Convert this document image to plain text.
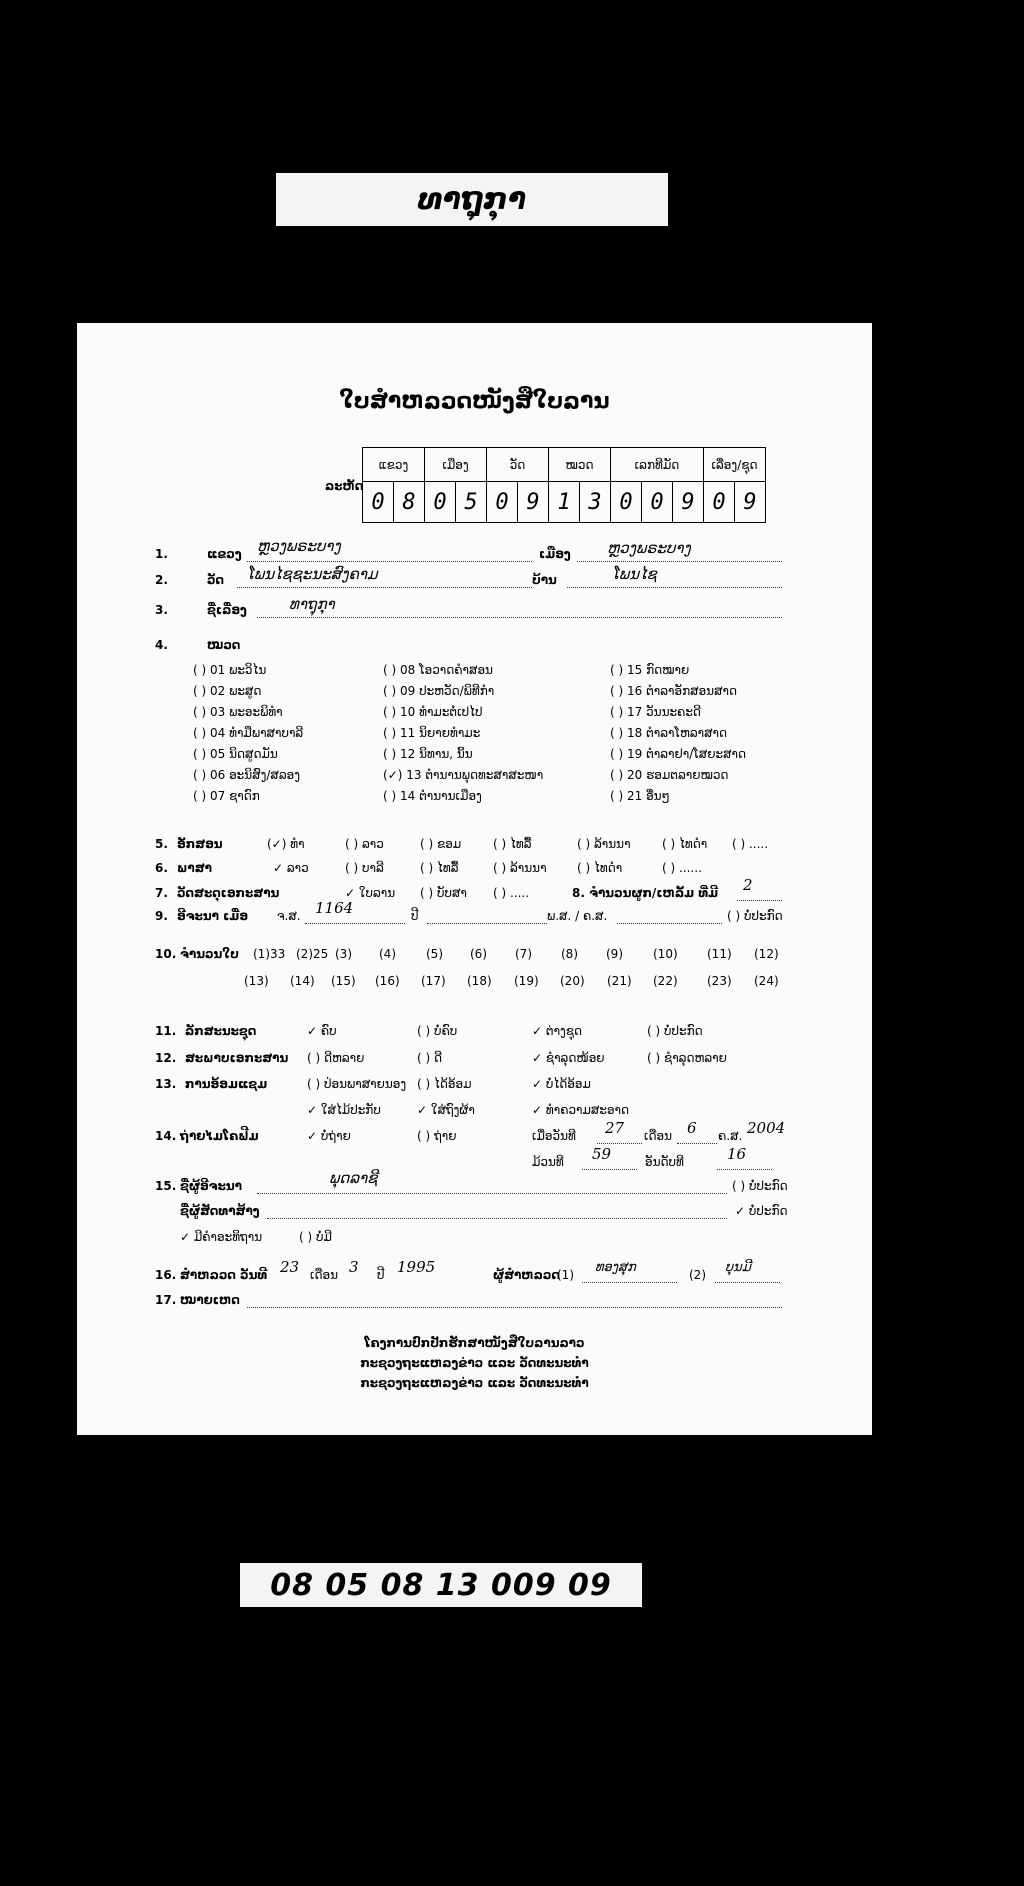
ທາຖຸກຸາ
ໃບສຳຫລວດໜັງສືໃບລານ
ລະຫັດ
ແຂວງ		ເມືອງ		ວັດ		ໝວດ		ເລກທີມັດ			ເລື່ອງ/ຊຸດ	
0	8	0	5	0	9	1	3	0	0	9	0	9
1.	ແຂວງ ຫຼວງພຣະບາງ	ເມືອງ ຫຼວງພຣະບາງ
2.	ວັດ ໂພນໄຊຊະນະສົງຄາມ	ບ້ານ	ໂພນໄຊ
3.	ຊື່ເລື່ອງ	ທາຖຸກຸາ
4.	ໝວດ
( ) 01 ພະວິໄນ
( ) 02 ພະສູດ
( ) 03 ພະອະພິທຳ
( ) 04 ທຳມືພາສາບາລີ
( ) 05 ນິດສູດມັນ
( ) 06 ອະນິສົງ/ສລອງ
( ) 07 ຊາດົກ
( ) 08 ໂອວາດຄຳສອນ
( ) 09 ປະຫວັດ/ພິທີກຳ
( ) 10 ທຳມະຕໍ່ເປໄປ
( ) 11 ນິຍາຍທຳມະ
( ) 12 ນິທານ, ນິ້ນ
(✓) 13 ຕຳນານພຸດທະສາສະໜາ
( ) 14 ຕຳນານເມືອງ
( ) 15 ກົດໝາຍ
( ) 16 ຕຳລາອັກສອນສາດ
( ) 17 ວັນນະຄະດີ
( ) 18 ຕຳລາໂຫລາສາດ
( ) 19 ຕຳລາຢາ/ໂສຍະສາດ
( ) 20 ຮອມຕລາຍໝວດ
( ) 21 ອື່ນໆ
5. ອັກສອນ	(✓) ທຳ	( ) ລາວ	( ) ຂອມ	( ) ໄທລື້	( ) ລ້ານນາ	( ) ໄທດຳ ( ) .....
6. ພາສາ	✓ ລາວ	( ) ບາລີ	( ) ໄທລື້	( ) ລ້ານນາ	( ) ໄທດຳ	( ) ......
7. ວັດສະດຸເອກະສານ	✓ ໃບລານ ( ) ບັບສາ ( ) .....	8. ຈຳນວນຜູກ/ເຫລັ້ມ ທີ່ມີ 2
9. ອີຈະນາ ເມື່ອ ຈ.ສ. 1164	ປີ	ພ.ສ. / ຄ.ສ.	( ) ບໍ່ປະກົດ
10. ຈຳນວນໃບ (1)33 (2)25 (3) (4)	(5) (6) (7) (8) (9)	(10) (11) (12)
(13) (14) (15) (16) (17) (18) (19) (20) (21) (22) (23) (24)
11. ລັກສະນະຊຸດ	✓ ຄົບ	( ) ບໍ່ຄົບ	✓ ຕ່າງຊຸດ	( ) ບໍ່ປະກົດ
12. ສະພາບເອກະສານ ( ) ດີຫລາຍ	( ) ດີ	✓ ຊຳລຸດໜ້ອຍ	( ) ຊຳລຸດຫລາຍ
13. ການອ້ອມແຊມ	( ) ປ່ອນພາສາຍນອງ ( ) ໄດ້ອ້ອມ	✓ ບໍ່ໄດ້ອ້ອມ
✓ ໃສ່ໄມ້ປະກັບ	✓ ໃສ່ຖົງຜ້າ	✓ ທຳຄວາມສະອາດ
14. ຖ່າຍໄມໂຄຟີມ	✓ ບໍ່ຖ່າຍ	( ) ຖ່າຍ	ເມື່ອວັນທີ 27 ເດືອນ 6 ຄ.ສ. 2004
ມ້ວນທີ 59	ອັນດັບທີ	16
15. ຊື່ຜູ້ອີຈະນາ	ພຸດລາຊີ	( ) ບໍ່ປະກົດ
ຊື່ຜູ້ສັດທາສ້າງ	✓ ບໍ່ປະກົດ
✓ ມີຄຳອະທິຖານ	( ) ບໍ່ມີ
16. ສຳຫລວດ ວັນທີ 23 ເດືອນ 3 ປີ 1995	ຜູ້ສຳຫລວດ
(1) ທອງສຸກ	(2) ບຸນມີ
17. ໝາຍເຫດ
ໂຄງການປົກປັກຮັກສາໜັງສືໃບລານລາວ
ກະຊວງຖະແຫລງຂ່າວ ແລະ ວັດທະນະທຳ
ກະຊວງຖະແຫລງຂ່າວ ແລະ ວັດທະນະທຳ
08 05 08 13 009 09
